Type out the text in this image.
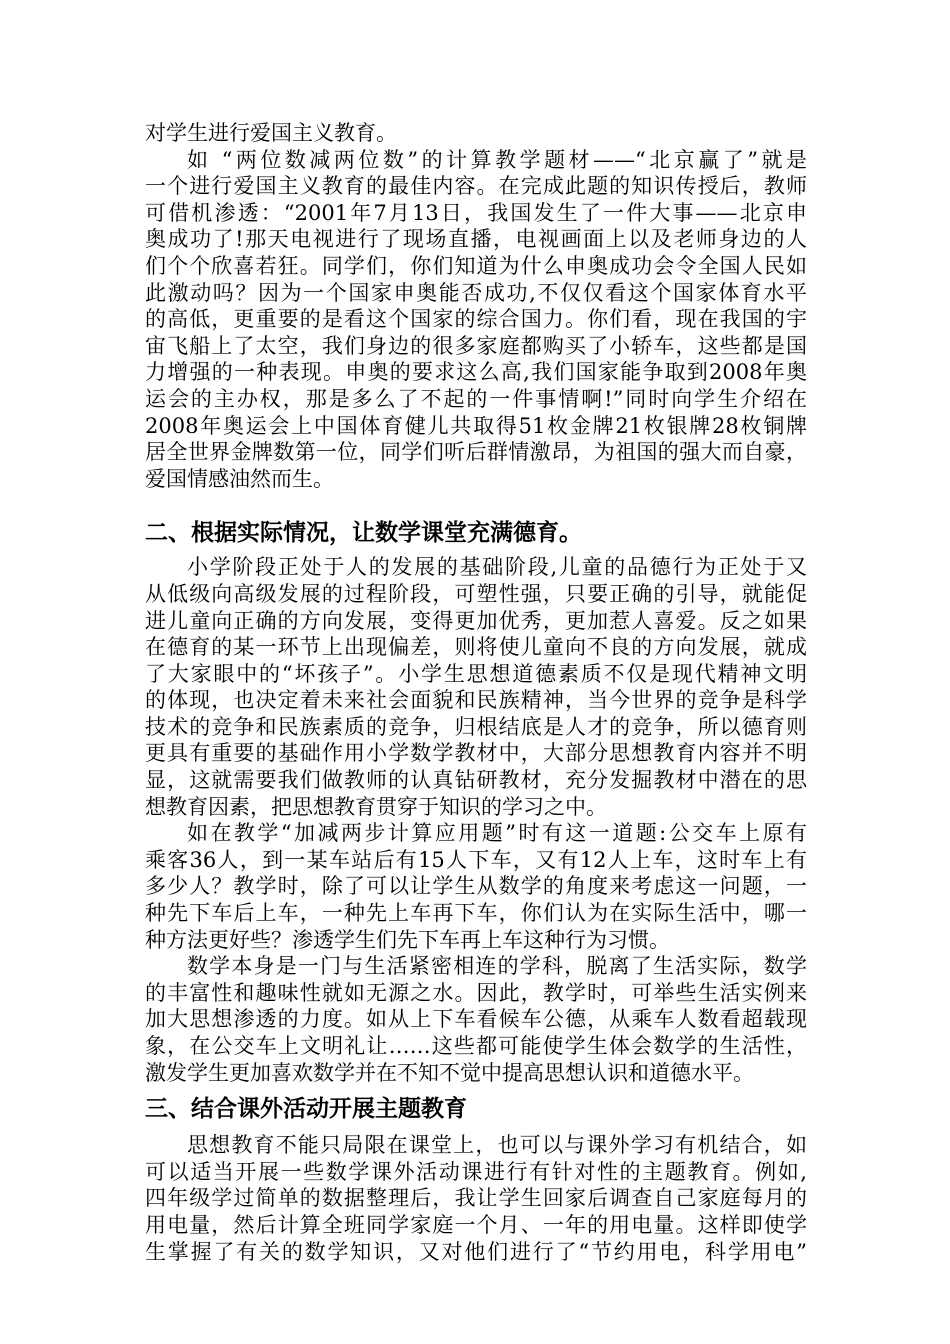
对学生进行爱国主义教育。
如 “两位数减两位数”的计算教学题材——“北京赢了”就是
一个进行爱国主义教育的最佳内容。在完成此题的知识传授后，教师
可借机渗透：“2001年7月13日，我国发生了一件大事——北京申
奥成功了!那天电视进行了现场直播，电视画面上以及老师身边的人
们个个欣喜若狂。同学们，你们知道为什么申奥成功会令全国人民如
此激动吗？因为一个国家申奥能否成功,不仅仅看这个国家体育水平
的高低，更重要的是看这个国家的综合国力。你们看，现在我国的宇
宙飞船上了太空，我们身边的很多家庭都购买了小轿车，这些都是国
力增强的一种表现。申奥的要求这么高,我们国家能争取到2008年奥
运会的主办权，那是多么了不起的一件事情啊!”同时向学生介绍在
2008年奥运会上中国体育健儿共取得51枚金牌21枚银牌28枚铜牌
居全世界金牌数第一位，同学们听后群情激昂，为祖国的强大而自豪，
爱国情感油然而生。
二、根据实际情况，让数学课堂充满德育。
小学阶段正处于人的发展的基础阶段,儿童的品德行为正处于又
从低级向高级发展的过程阶段，可塑性强，只要正确的引导，就能促
进儿童向正确的方向发展，变得更加优秀，更加惹人喜爱。反之如果
在德育的某一环节上出现偏差，则将使儿童向不良的方向发展，就成
了大家眼中的“坏孩子”。小学生思想道德素质不仅是现代精神文明
的体现，也决定着未来社会面貌和民族精神，当今世界的竞争是科学
技术的竞争和民族素质的竞争，归根结底是人才的竞争，所以德育则
更具有重要的基础作用小学数学教材中，大部分思想教育内容并不明
显，这就需要我们做教师的认真钻研教材，充分发掘教材中潜在的思
想教育因素，把思想教育贯穿于知识的学习之中。
如在教学“加减两步计算应用题”时有这一道题:公交车上原有
乘客36人，到一某车站后有15人下车，又有12人上车，这时车上有
多少人？教学时，除了可以让学生从数学的角度来考虑这一问题，一
种先下车后上车，一种先上车再下车，你们认为在实际生活中，哪一
种方法更好些？渗透学生们先下车再上车这种行为习惯。
数学本身是一门与生活紧密相连的学科，脱离了生活实际，数学
的丰富性和趣味性就如无源之水。因此，教学时，可举些生活实例来
加大思想渗透的力度。如从上下车看候车公德，从乘车人数看超载现
象，在公交车上文明礼让……这些都可能使学生体会数学的生活性，
激发学生更加喜欢数学并在不知不觉中提高思想认识和道德水平。
三、结合课外活动开展主题教育
思想教育不能只局限在课堂上，也可以与课外学习有机结合，如
可以适当开展一些数学课外活动课进行有针对性的主题教育。例如,
四年级学过简单的数据整理后，我让学生回家后调查自己家庭每月的
用电量，然后计算全班同学家庭一个月、一年的用电量。这样即使学
生掌握了有关的数学知识，又对他们进行了“节约用电，科学用电”
